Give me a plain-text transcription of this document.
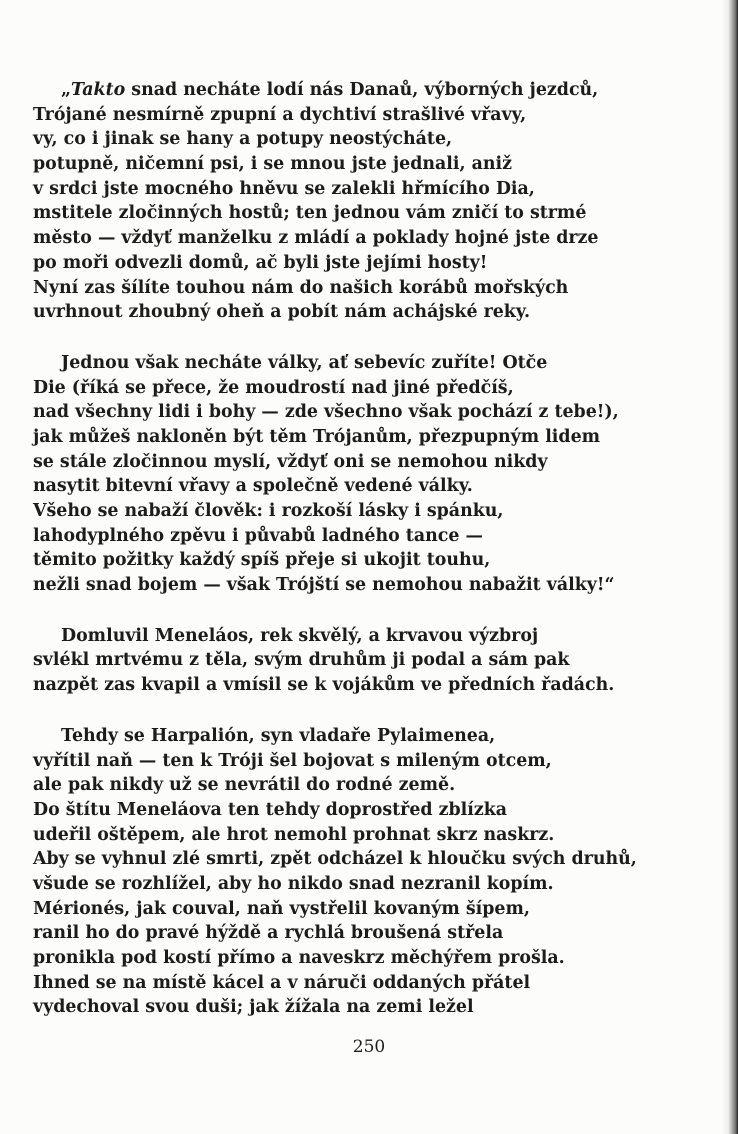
„Takto snad necháte lodí nás Danaů, výborných jezdců,
Trójané nesmírně zpupní a dychtiví strašlivé vřavy,
vy, co i jinak se hany a potupy neostýcháte,
potupně, ničemní psi, i se mnou jste jednali, aniž
v srdci jste mocného hněvu se zalekli hřmícího Dia,
mstitele zločinných hostů; ten jednou vám zničí to strmé
město — vždyť manželku z mládí a poklady hojné jste drze
po moři odvezli domů, ač byli jste jejími hosty!
Nyní zas šílíte touhou nám do našich korábů mořských
uvrhnout zhoubný oheň a pobít nám achájské reky.
Jednou však necháte války, ať sebevíc zuříte! Otče
Die (říká se přece, že moudrostí nad jiné předčíš,
nad všechny lidi i bohy — zde všechno však pochází z tebe!),
jak můžeš nakloněn být těm Trójanům, přezpupným lidem
se stále zločinnou myslí, vždyť oni se nemohou nikdy
nasytit bitevní vřavy a společně vedené války.
Všeho se nabaží člověk: i rozkoší lásky i spánku,
lahodyplného zpěvu i půvabů ladného tance —
těmito požitky každý spíš přeje si ukojit touhu,
nežli snad bojem — však Trójští se nemohou nabažit války!“
Domluvil Meneláos, rek skvělý, a krvavou výzbroj
svlékl mrtvému z těla, svým druhům ji podal a sám pak
nazpět zas kvapil a vmísil se k vojákům ve předních řadách.
Tehdy se Harpalión, syn vladaře Pylaimenea,
vyřítil naň — ten k Tróji šel bojovat s mileným otcem,
ale pak nikdy už se nevrátil do rodné země.
Do štítu Meneláova ten tehdy doprostřed zblízka
udeřil oštěpem, ale hrot nemohl prohnat skrz naskrz.
Aby se vyhnul zlé smrti, zpět odcházel k hloučku svých druhů,
všude se rozhlížel, aby ho nikdo snad nezranil kopím.
Mérionés, jak couval, naň vystřelil kovaným šípem,
ranil ho do pravé hýždě a rychlá broušená střela
pronikla pod kostí přímo a naveskrz měchýřem prošla.
Ihned se na místě kácel a v náruči oddaných přátel
vydechoval svou duši; jak žížala na zemi ležel
250
